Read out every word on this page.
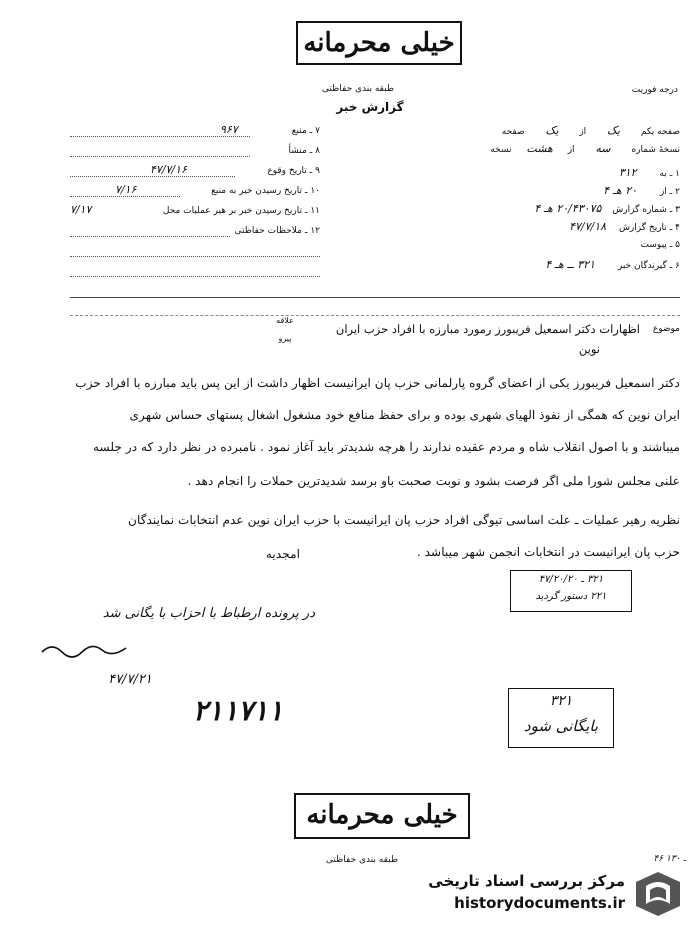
خیلی محرمانه
طبقه بندی حفاظتی	درجه فوریت
گزارش خبر
۷ ـ منبع
۹۶۷
۸ ـ منشأ
۹ ـ تاریخ وقوع
۴۷/۷/۱۶
۱۰ ـ تاریخ رسیدن خبر به منبع
۷/۱۶
۱۱ ـ تاریخ رسیدن خبر بر هیر عملیات محل
۷/۱۷
۱۲ ـ ملاحظات حفاظتی
صفحه یکم یک از یک صفحه
نسخهٔ شماره سه از هشت نسخه
۱ ـ به ۳۱۲
۲ ـ از ۲۰ هـ ۴
۳ ـ شماره گزارش ۲۰/۴۳۰۷۵ هـ ۴
۴ ـ تاریخ گزارش ۴۷/۷/۱۸
۵ ـ پیوست
۶ ـ گیرندگان خبر ۳۲۱ ــ هـ ۴
موضوع
علاقه
پیرو
اظهارات دکتر اسمعیل فریبورز رمورد مبارزه با افراد حزب ایران
نوین
دکتر اسمعیل فریبورز یکی از اعضای گروه پارلمانی حزب پان ایرانیست اظهار داشت از این پس باید مبارزه با افراد حزب
ایران نوین که همگی از نفوذ الهیای شهری بوده و برای حفظ منافع خود مشغول اشغال پستهای حساس شهری
میباشند و با اصول انقلاب شاه و مردم عقیده ندارند را هرچه شدیدتر باید آغاز نمود . نامبرده در نظر دارد که در جلسه
علنی مجلس شورا ملی اگر فرصت بشود و نوبت صحبت باو برسد شدیدترین حملات را انجام دهد .
نظریه رهیر عملیات ـ علت اساسی تیوگی افراد حزب پان ایرانیست با حزب ایران نوین عدم انتخابات نمایندگان
حزب پان ایرانیست در انتخابات انجمن شهر میباشد .
امجدیه
۳۲۱ ـ ۴۷/۲۰/۲۰
۲۲۱ دستور گردید
در پرونده ارطباط با احزاب با یگانی شد
۴۷/۷/۲۱
۲۱۱۷۱۱	۳۲۱
بایگانی شود
خیلی محرمانه
طبقه بندی حفاظتی	۴۶ ـ ۱۳۰
مرکز بررسی اسناد تاریخی
historydocuments.ir
